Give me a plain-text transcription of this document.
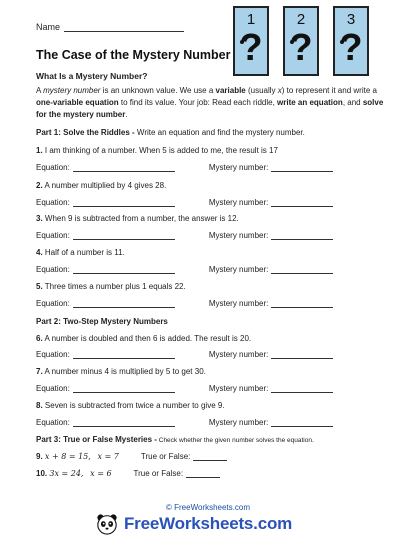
Name
The Case of the Mystery Number
What Is a Mystery Number?
1
?
2
?
3
?
A mystery number is an unknown value. We use a variable (usually x) to represent it and write a one-variable equation to find its value. Your job: Read each riddle, write an equation, and solve for the mystery number.
Part 1: Solve the Riddles - Write an equation and find the mystery number.
1. I am thinking of a number. When 5 is added to me, the result is 17
Equation:	Mystery number:
2. A number multiplied by 4 gives 28.
Equation:	Mystery number:
3. When 9 is subtracted from a number, the answer is 12.
Equation:	Mystery number:
4. Half of a number is 11.
Equation:	Mystery number:
5. Three times a number plus 1 equals 22.
Equation:	Mystery number:
Part 2: Two-Step Mystery Numbers
6. A number is doubled and then 6 is added. The result is 20.
Equation:	Mystery number:
7. A number minus 4 is multiplied by 5 to get 30.
Equation:	Mystery number:
8. Seven is subtracted from twice a number to give 9.
Equation:	Mystery number:
Part 3: True or False Mysteries - Check whether the given number solves the equation.
9.
x + 8 = 15,
x = 7	True or False:
10.
3x = 24,
x = 6	True or False:
© FreeWorksheets.com
FreeWorksheets.com
